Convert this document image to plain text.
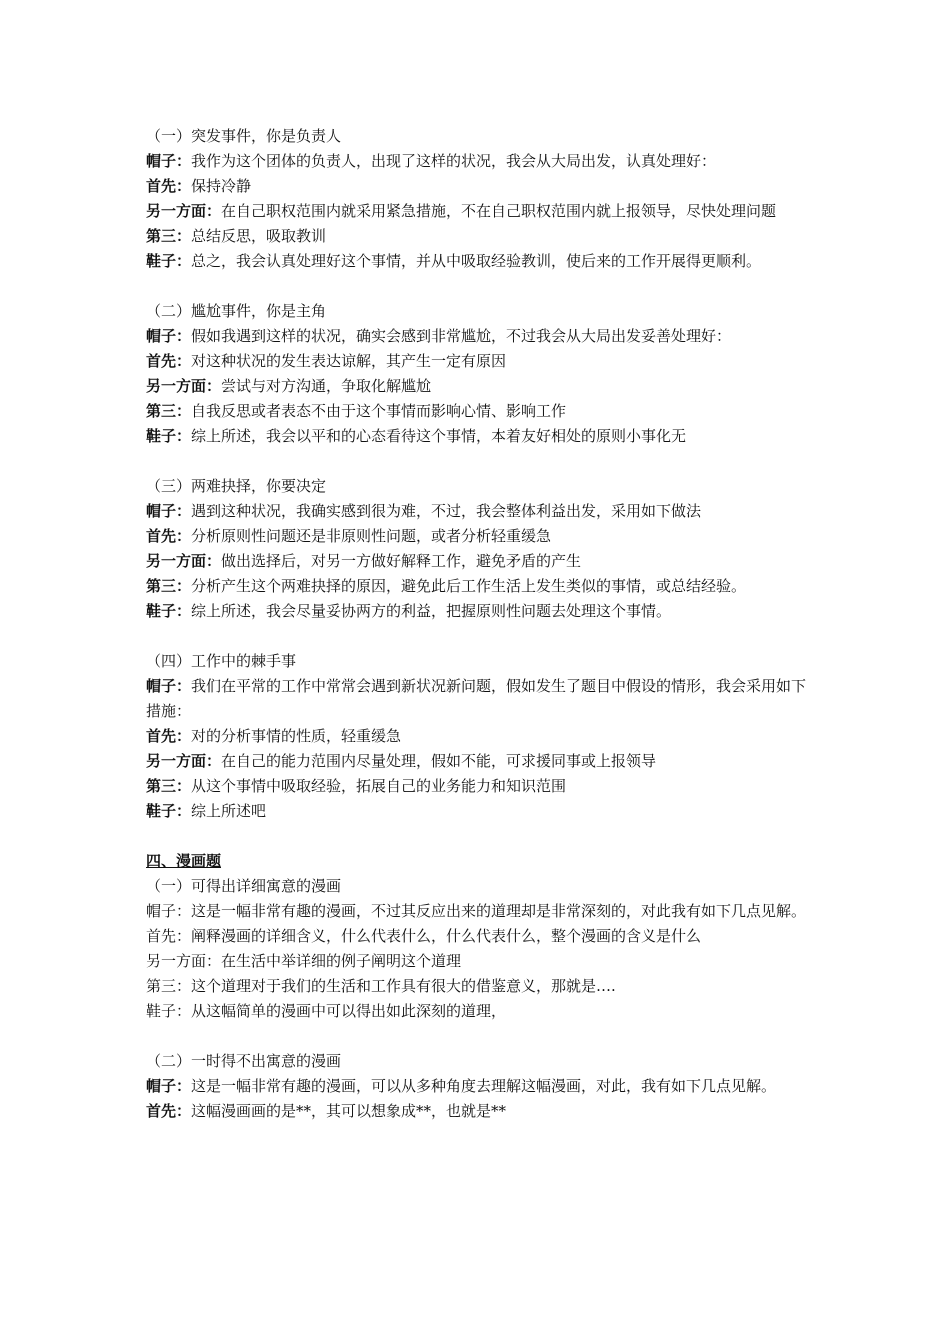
（一）突发事件，你是负责人

帽子：我作为这个团体的负责人，出现了这样的状况，我会从大局出发，认真处理好：

首先：保持冷静

另一方面：在自己职权范围内就采用紧急措施，不在自己职权范围内就上报领导，尽快处理问题

第三：总结反思，吸取教训

鞋子：总之，我会认真处理好这个事情，并从中吸取经验教训，使后来的工作开展得更顺利。

（二）尴尬事件，你是主角

帽子：假如我遇到这样的状况，确实会感到非常尴尬，不过我会从大局出发妥善处理好：

首先：对这种状况的发生表达谅解，其产生一定有原因

另一方面：尝试与对方沟通，争取化解尴尬

第三：自我反思或者表态不由于这个事情而影响心情、影响工作

鞋子：综上所述，我会以平和的心态看待这个事情，本着友好相处的原则小事化无

（三）两难抉择，你要决定

帽子：遇到这种状况，我确实感到很为难，不过，我会整体利益出发，采用如下做法

首先：分析原则性问题还是非原则性问题，或者分析轻重缓急

另一方面：做出选择后，对另一方做好解释工作，避免矛盾的产生

第三：分析产生这个两难抉择的原因，避免此后工作生活上发生类似的事情，或总结经验。

鞋子：综上所述，我会尽量妥协两方的利益，把握原则性问题去处理这个事情。

（四）工作中的棘手事

帽子：我们在平常的工作中常常会遇到新状况新问题，假如发生了题目中假设的情形，我会采用如下措施：

首先：对的分析事情的性质，轻重缓急

另一方面：在自己的能力范围内尽量处理，假如不能，可求援同事或上报领导

第三：从这个事情中吸取经验，拓展自己的业务能力和知识范围

鞋子：综上所述吧

四、漫画题

（一）可得出详细寓意的漫画

帽子：这是一幅非常有趣的漫画，不过其反应出来的道理却是非常深刻的，对此我有如下几点见解。

首先：阐释漫画的详细含义，什么代表什么，什么代表什么，整个漫画的含义是什么

另一方面：在生活中举详细的例子阐明这个道理

第三：这个道理对于我们的生活和工作具有很大的借鉴意义，那就是….

鞋子：从这幅简单的漫画中可以得出如此深刻的道理，

（二）一时得不出寓意的漫画

帽子：这是一幅非常有趣的漫画，可以从多种角度去理解这幅漫画，对此，我有如下几点见解。

首先：这幅漫画画的是**，其可以想象成**，也就是**
